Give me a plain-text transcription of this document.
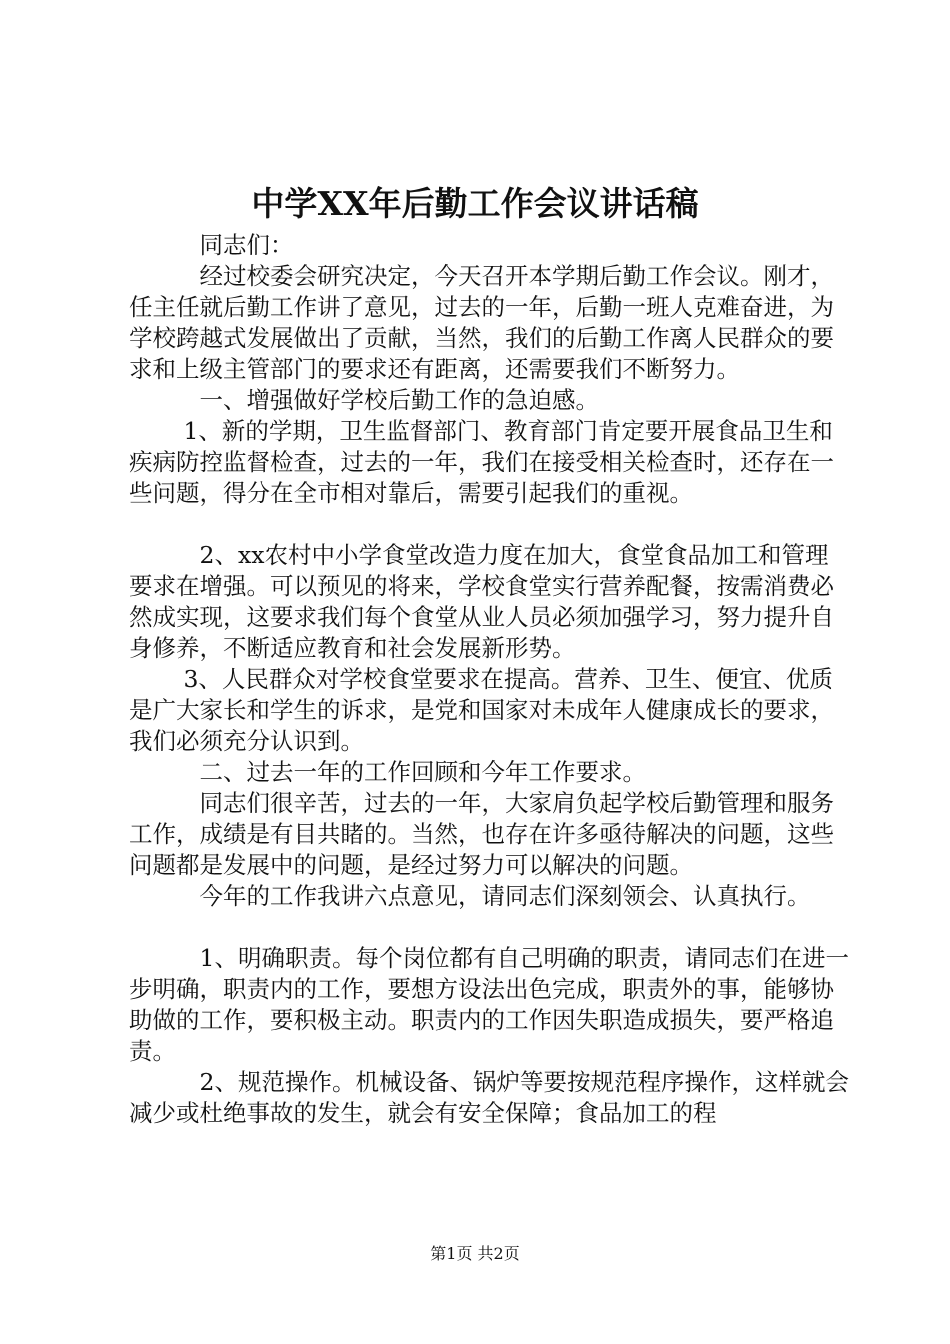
中学XX年后勤工作会议讲话稿

　　　同志们：

　　　经过校委会研究决定，今天召开本学期后勤工作会议。刚才，任主任就后勤工作讲了意见，过去的一年，后勤一班人克难奋进，为学校跨越式发展做出了贡献，当然，我们的后勤工作离人民群众的要求和上级主管部门的要求还有距离，还需要我们不断努力。

　　　一、增强做好学校后勤工作的急迫感。

　　 1、新的学期，卫生监督部门、教育部门肯定要开展食品卫生和疾病防控监督检查，过去的一年，我们在接受相关检查时，还存在一些问题，得分在全市相对靠后，需要引起我们的重视。

　　　2、xx农村中小学食堂改造力度在加大，食堂食品加工和管理要求在增强。可以预见的将来，学校食堂实行营养配餐，按需消费必然成实现，这要求我们每个食堂从业人员必须加强学习，努力提升自身修养，不断适应教育和社会发展新形势。

　　 3、人民群众对学校食堂要求在提高。营养、卫生、便宜、优质是广大家长和学生的诉求，是党和国家对未成年人健康成长的要求，我们必须充分认识到。

　　　二、过去一年的工作回顾和今年工作要求。

　　　同志们很辛苦，过去的一年，大家肩负起学校后勤管理和服务工作，成绩是有目共睹的。当然，也存在许多亟待解决的问题，这些问题都是发展中的问题，是经过努力可以解决的问题。

　　　今年的工作我讲六点意见，请同志们深刻领会、认真执行。

　　　1、明确职责。每个岗位都有自己明确的职责，请同志们在进一步明确，职责内的工作，要想方设法出色完成，职责外的事，能够协助做的工作，要积极主动。职责内的工作因失职造成损失，要严格追责。

　　　2、规范操作。机械设备、锅炉等要按规范程序操作，这样就会减少或杜绝事故的发生，就会有安全保障；食品加工的程

第1页 共2页
